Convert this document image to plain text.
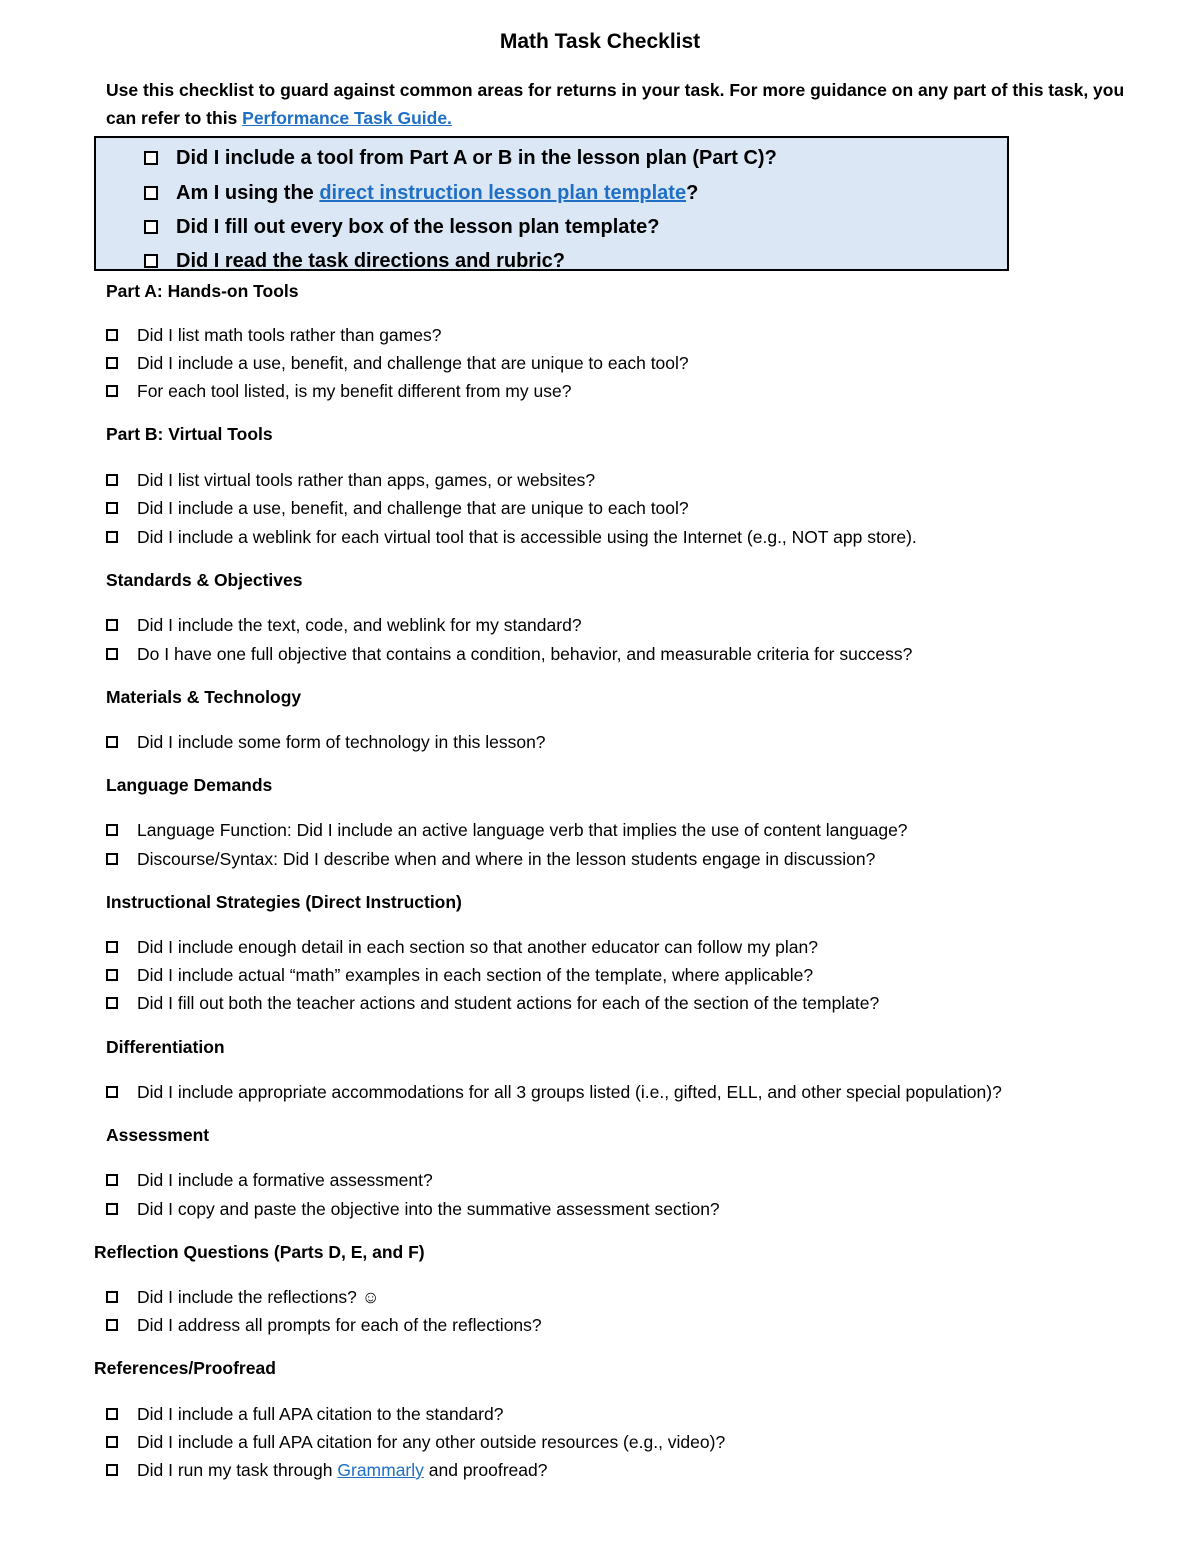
Math Task Checklist
Use this checklist to guard against common areas for returns in your task. For more guidance on any part of this task, you can refer to this Performance Task Guide.
Did I include a tool from Part A or B in the lesson plan (Part C)?
Am I using the direct instruction lesson plan template?
Did I fill out every box of the lesson plan template?
Did I read the task directions and rubric?
Part A: Hands-on Tools
Did I list math tools rather than games?
Did I include a use, benefit, and challenge that are unique to each tool?
For each tool listed, is my benefit different from my use?
Part B: Virtual Tools
Did I list virtual tools rather than apps, games, or websites?
Did I include a use, benefit, and challenge that are unique to each tool?
Did I include a weblink for each virtual tool that is accessible using the Internet (e.g., NOT app store).
Standards & Objectives
Did I include the text, code, and weblink for my standard?
Do I have one full objective that contains a condition, behavior, and measurable criteria for success?
Materials & Technology
Did I include some form of technology in this lesson?
Language Demands
Language Function: Did I include an active language verb that implies the use of content language?
Discourse/Syntax: Did I describe when and where in the lesson students engage in discussion?
Instructional Strategies (Direct Instruction)
Did I include enough detail in each section so that another educator can follow my plan?
Did I include actual “math” examples in each section of the template, where applicable?
Did I fill out both the teacher actions and student actions for each of the section of the template?
Differentiation
Did I include appropriate accommodations for all 3 groups listed (i.e., gifted, ELL, and other special population)?
Assessment
Did I include a formative assessment?
Did I copy and paste the objective into the summative assessment section?
Reflection Questions (Parts D, E, and F)
Did I include the reflections? ☺
Did I address all prompts for each of the reflections?
References/Proofread
Did I include a full APA citation to the standard?
Did I include a full APA citation for any other outside resources (e.g., video)?
Did I run my task through Grammarly and proofread?
